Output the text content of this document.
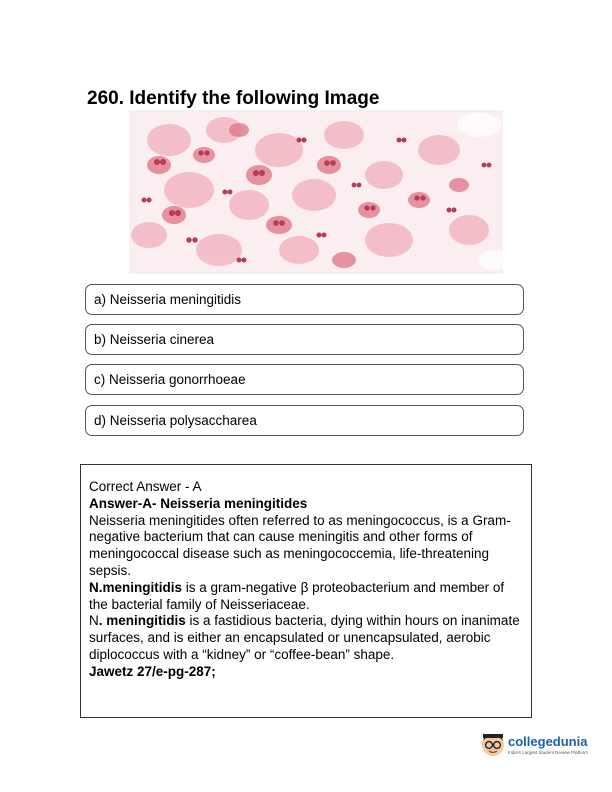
260. Identify the following Image
a) Neisseria meningitidis
b) Neisseria cinerea
c) Neisseria gonorrhoeae
d) Neisseria polysaccharea

Correct Answer - A

Answer-A- Neisseria meningitides

Neisseria meningitides often referred to as meningococcus, is a Gram-negative bacterium that can cause meningitis and other forms of meningococcal disease such as meningococcemia, life-threatening sepsis.

N.meningitidis is a gram-negative β proteobacterium and member of the bacterial family of Neisseriaceae.

N. meningitidis is a fastidious bacteria, dying within hours on inanimate surfaces, and is either an encapsulated or unencapsulated, aerobic diplococcus with a “kidney” or “coffee-bean” shape.

Jawetz 27/e-pg-287;

collegedunia
India's Largest Student Review Platform
